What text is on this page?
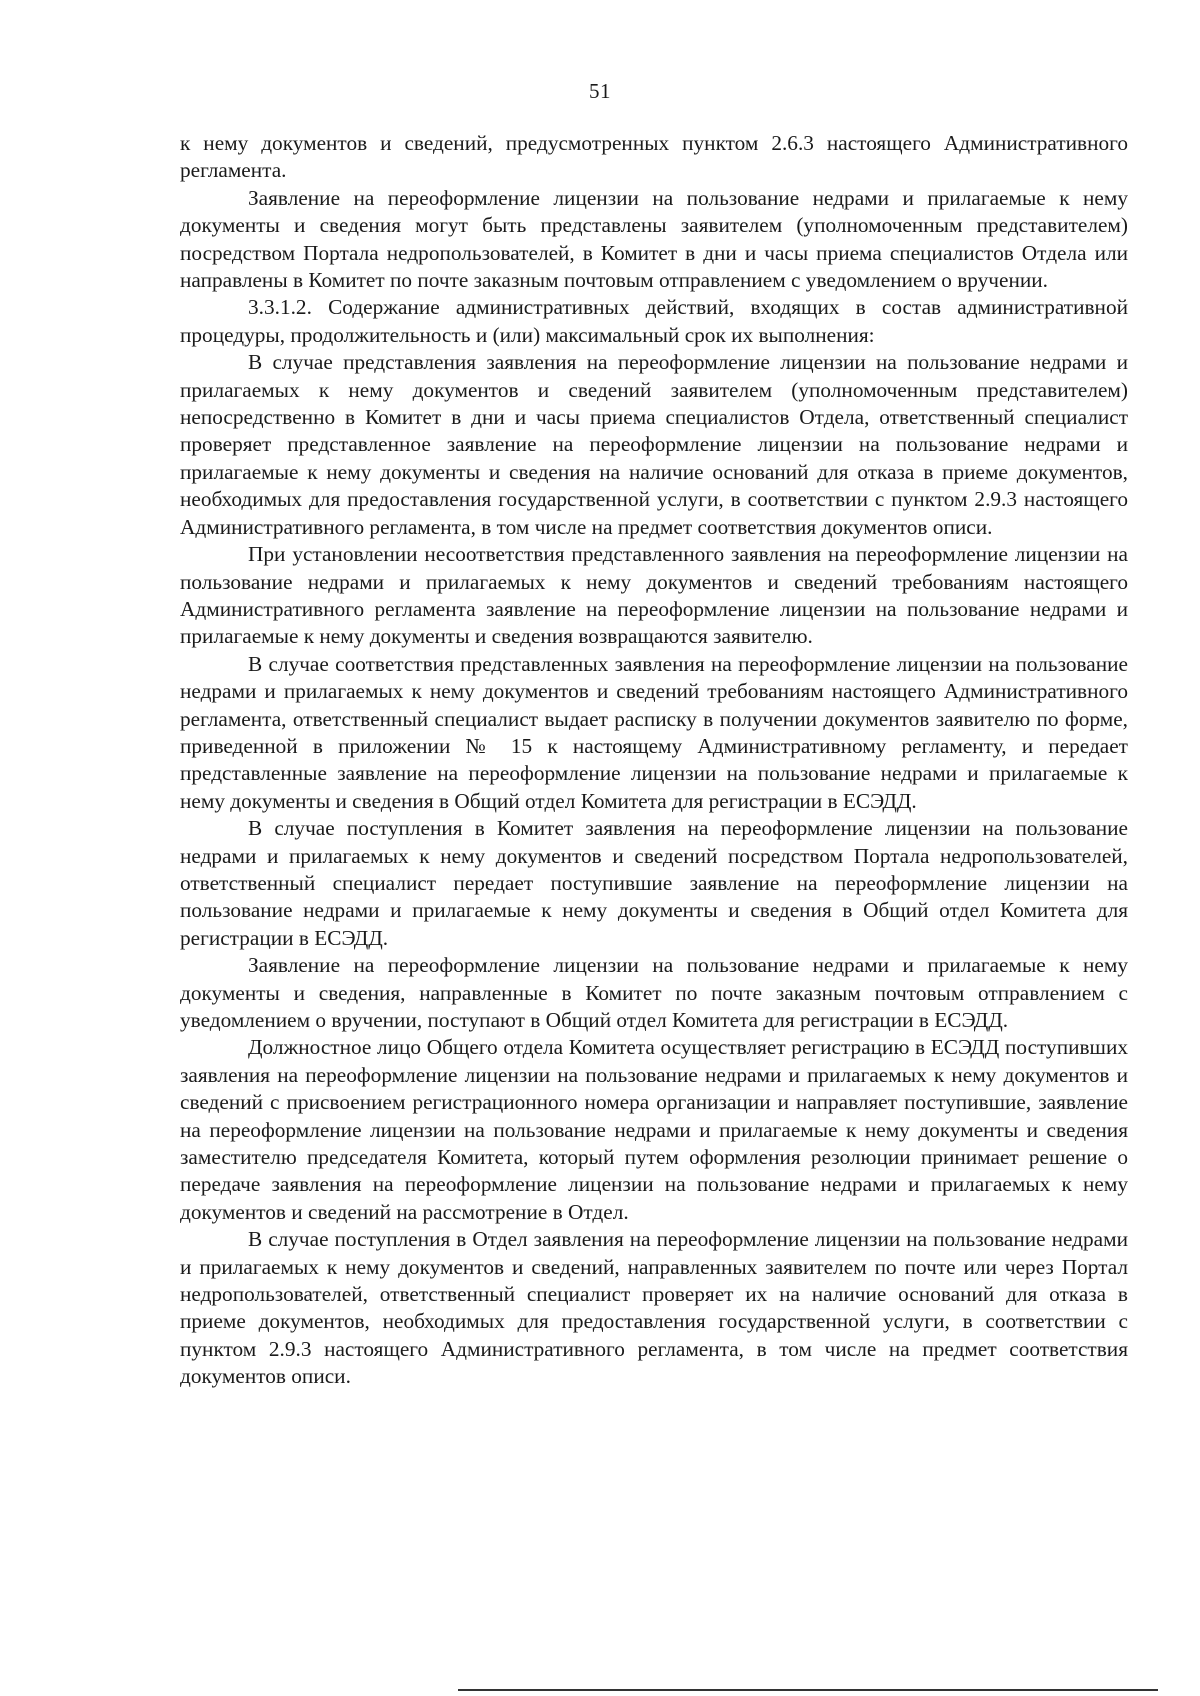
51

к нему документов и сведений, предусмотренных пунктом 2.6.3 настоящего Административного регламента.

Заявление на переоформление лицензии на пользование недрами и прилагаемые к нему документы и сведения могут быть представлены заявителем (уполномоченным представителем) посредством Портала недропользователей, в Комитет в дни и часы приема специалистов Отдела или направлены в Комитет по почте заказным почтовым отправлением с уведомлением о вручении.

3.3.1.2. Содержание административных действий, входящих в состав административной процедуры, продолжительность и (или) максимальный срок их выполнения:

В случае представления заявления на переоформление лицензии на пользование недрами и прилагаемых к нему документов и сведений заявителем (уполномоченным представителем) непосредственно в Комитет в дни и часы приема специалистов Отдела, ответственный специалист проверяет представленное заявление на переоформление лицензии на пользование недрами и прилагаемые к нему документы и сведения на наличие оснований для отказа в приеме документов, необходимых для предоставления государственной услуги, в соответствии с пунктом 2.9.3 настоящего Административного регламента, в том числе на предмет соответствия документов описи.

При установлении несоответствия представленного заявления на переоформление лицензии на пользование недрами и прилагаемых к нему документов и сведений требованиям настоящего Административного регламента заявление на переоформление лицензии на пользование недрами и прилагаемые к нему документы и сведения возвращаются заявителю.

В случае соответствия представленных заявления на переоформление лицензии на пользование недрами и прилагаемых к нему документов и сведений требованиям настоящего Административного регламента, ответственный специалист выдает расписку в получении документов заявителю по форме, приведенной в приложении № 15 к настоящему Административному регламенту, и передает представленные заявление на переоформление лицензии на пользование недрами и прилагаемые к нему документы и сведения в Общий отдел Комитета для регистрации в ЕСЭДД.

В случае поступления в Комитет заявления на переоформление лицензии на пользование недрами и прилагаемых к нему документов и сведений посредством Портала недропользователей, ответственный специалист передает поступившие заявление на переоформление лицензии на пользование недрами и прилагаемые к нему документы и сведения в Общий отдел Комитета для регистрации в ЕСЭДД.

Заявление на переоформление лицензии на пользование недрами и прилагаемые к нему документы и сведения, направленные в Комитет по почте заказным почтовым отправлением с уведомлением о вручении, поступают в Общий отдел Комитета для регистрации в ЕСЭДД.

Должностное лицо Общего отдела Комитета осуществляет регистрацию в ЕСЭДД поступивших заявления на переоформление лицензии на пользование недрами и прилагаемых к нему документов и сведений с присвоением регистрационного номера организации и направляет поступившие, заявление на переоформление лицензии на пользование недрами и прилагаемые к нему документы и сведения заместителю председателя Комитета, который путем оформления резолюции принимает решение о передаче заявления на переоформление лицензии на пользование недрами и прилагаемых к нему документов и сведений на рассмотрение в Отдел.

В случае поступления в Отдел заявления на переоформление лицензии на пользование недрами и прилагаемых к нему документов и сведений, направленных заявителем по почте или через Портал недропользователей, ответственный специалист проверяет их на наличие оснований для отказа в приеме документов, необходимых для предоставления государственной услуги, в соответствии с пунктом 2.9.3 настоящего Административного регламента, в том числе на предмет соответствия документов описи.
